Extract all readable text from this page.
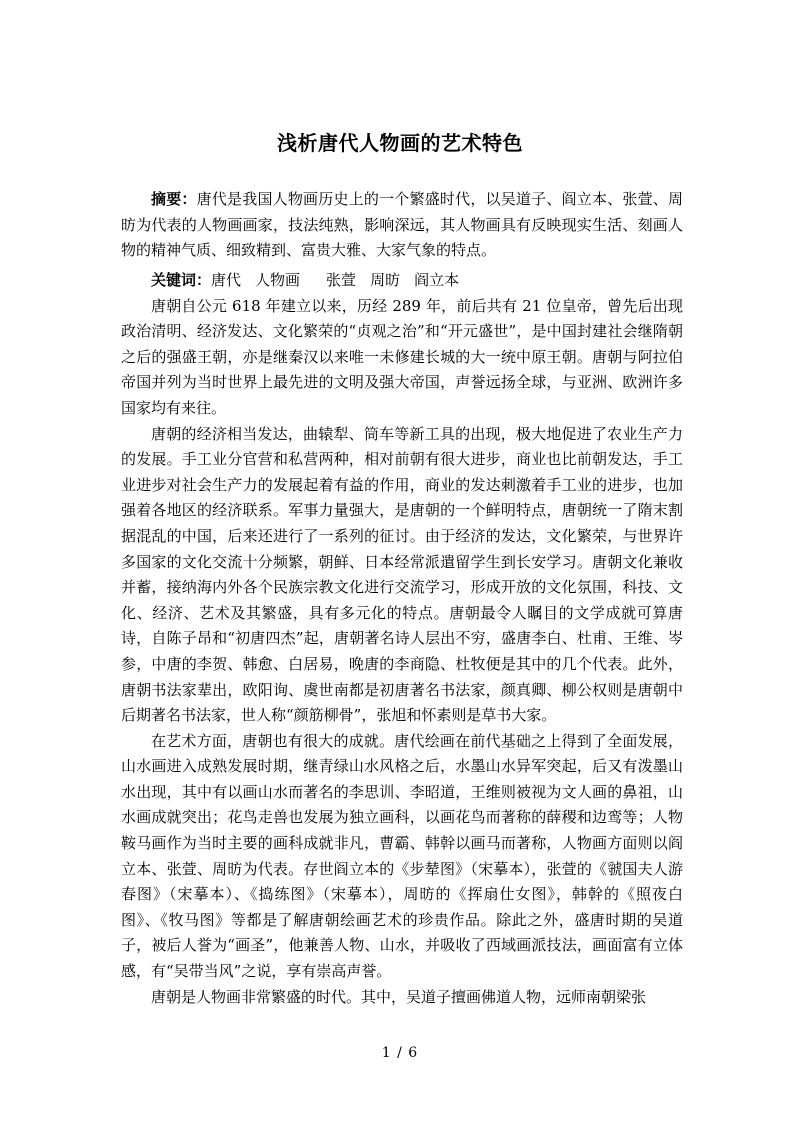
浅析唐代人物画的艺术特色

摘要：唐代是我国人物画历史上的一个繁盛时代，以吴道子、阎立本、张萱、周昉为代表的人物画画家，技法纯熟，影响深远，其人物画具有反映现实生活、刻画人物的精神气质、细致精到、富贵大雅、大家气象的特点。

关键词：唐代 人物画 张萱 周昉 阎立本

唐朝自公元 618 年建立以来，历经 289 年，前后共有 21 位皇帝，曾先后出现政治清明、经济发达、文化繁荣的“贞观之治”和“开元盛世”，是中国封建社会继隋朝之后的强盛王朝，亦是继秦汉以来唯一未修建长城的大一统中原王朝。唐朝与阿拉伯帝国并列为当时世界上最先进的文明及强大帝国，声誉远扬全球，与亚洲、欧洲许多国家均有来往。

唐朝的经济相当发达，曲辕犁、筒车等新工具的出现，极大地促进了农业生产力的发展。手工业分官营和私营两种，相对前朝有很大进步，商业也比前朝发达，手工业进步对社会生产力的发展起着有益的作用，商业的发达刺激着手工业的进步，也加强着各地区的经济联系。军事力量强大，是唐朝的一个鲜明特点，唐朝统一了隋末割据混乱的中国，后来还进行了一系列的征讨。由于经济的发达，文化繁荣，与世界许多国家的文化交流十分频繁，朝鲜、日本经常派遣留学生到长安学习。唐朝文化兼收并蓄，接纳海内外各个民族宗教文化进行交流学习，形成开放的文化氛围，科技、文化、经济、艺术及其繁盛，具有多元化的特点。唐朝最令人瞩目的文学成就可算唐诗，自陈子昂和“初唐四杰”起，唐朝著名诗人层出不穷，盛唐李白、杜甫、王维、岑参，中唐的李贺、韩愈、白居易，晚唐的李商隐、杜牧便是其中的几个代表。此外，唐朝书法家辈出，欧阳询、虞世南都是初唐著名书法家，颜真卿、柳公权则是唐朝中后期著名书法家，世人称“颜筋柳骨”，张旭和怀素则是草书大家。

在艺术方面，唐朝也有很大的成就。唐代绘画在前代基础之上得到了全面发展，山水画进入成熟发展时期，继青绿山水风格之后，水墨山水异军突起，后又有泼墨山水出现，其中有以画山水而著名的李思训、李昭道，王维则被视为文人画的鼻祖，山水画成就突出；花鸟走兽也发展为独立画科，以画花鸟而著称的薛稷和边鸾等；人物鞍马画作为当时主要的画科成就非凡，曹霸、韩幹以画马而著称，人物画方面则以阎立本、张萱、周昉为代表。存世阎立本的《步辇图》（宋摹本），张萱的《虢国夫人游春图》（宋摹本）、《捣练图》（宋摹本），周昉的《挥扇仕女图》，韩幹的《照夜白图》、《牧马图》等都是了解唐朝绘画艺术的珍贵作品。除此之外，盛唐时期的吴道子，被后人誉为“画圣”，他兼善人物、山水，并吸收了西域画派技法，画面富有立体感，有“吴带当风”之说，享有崇高声誉。

唐朝是人物画非常繁盛的时代。其中，吴道子擅画佛道人物，远师南朝梁张

1 / 6
